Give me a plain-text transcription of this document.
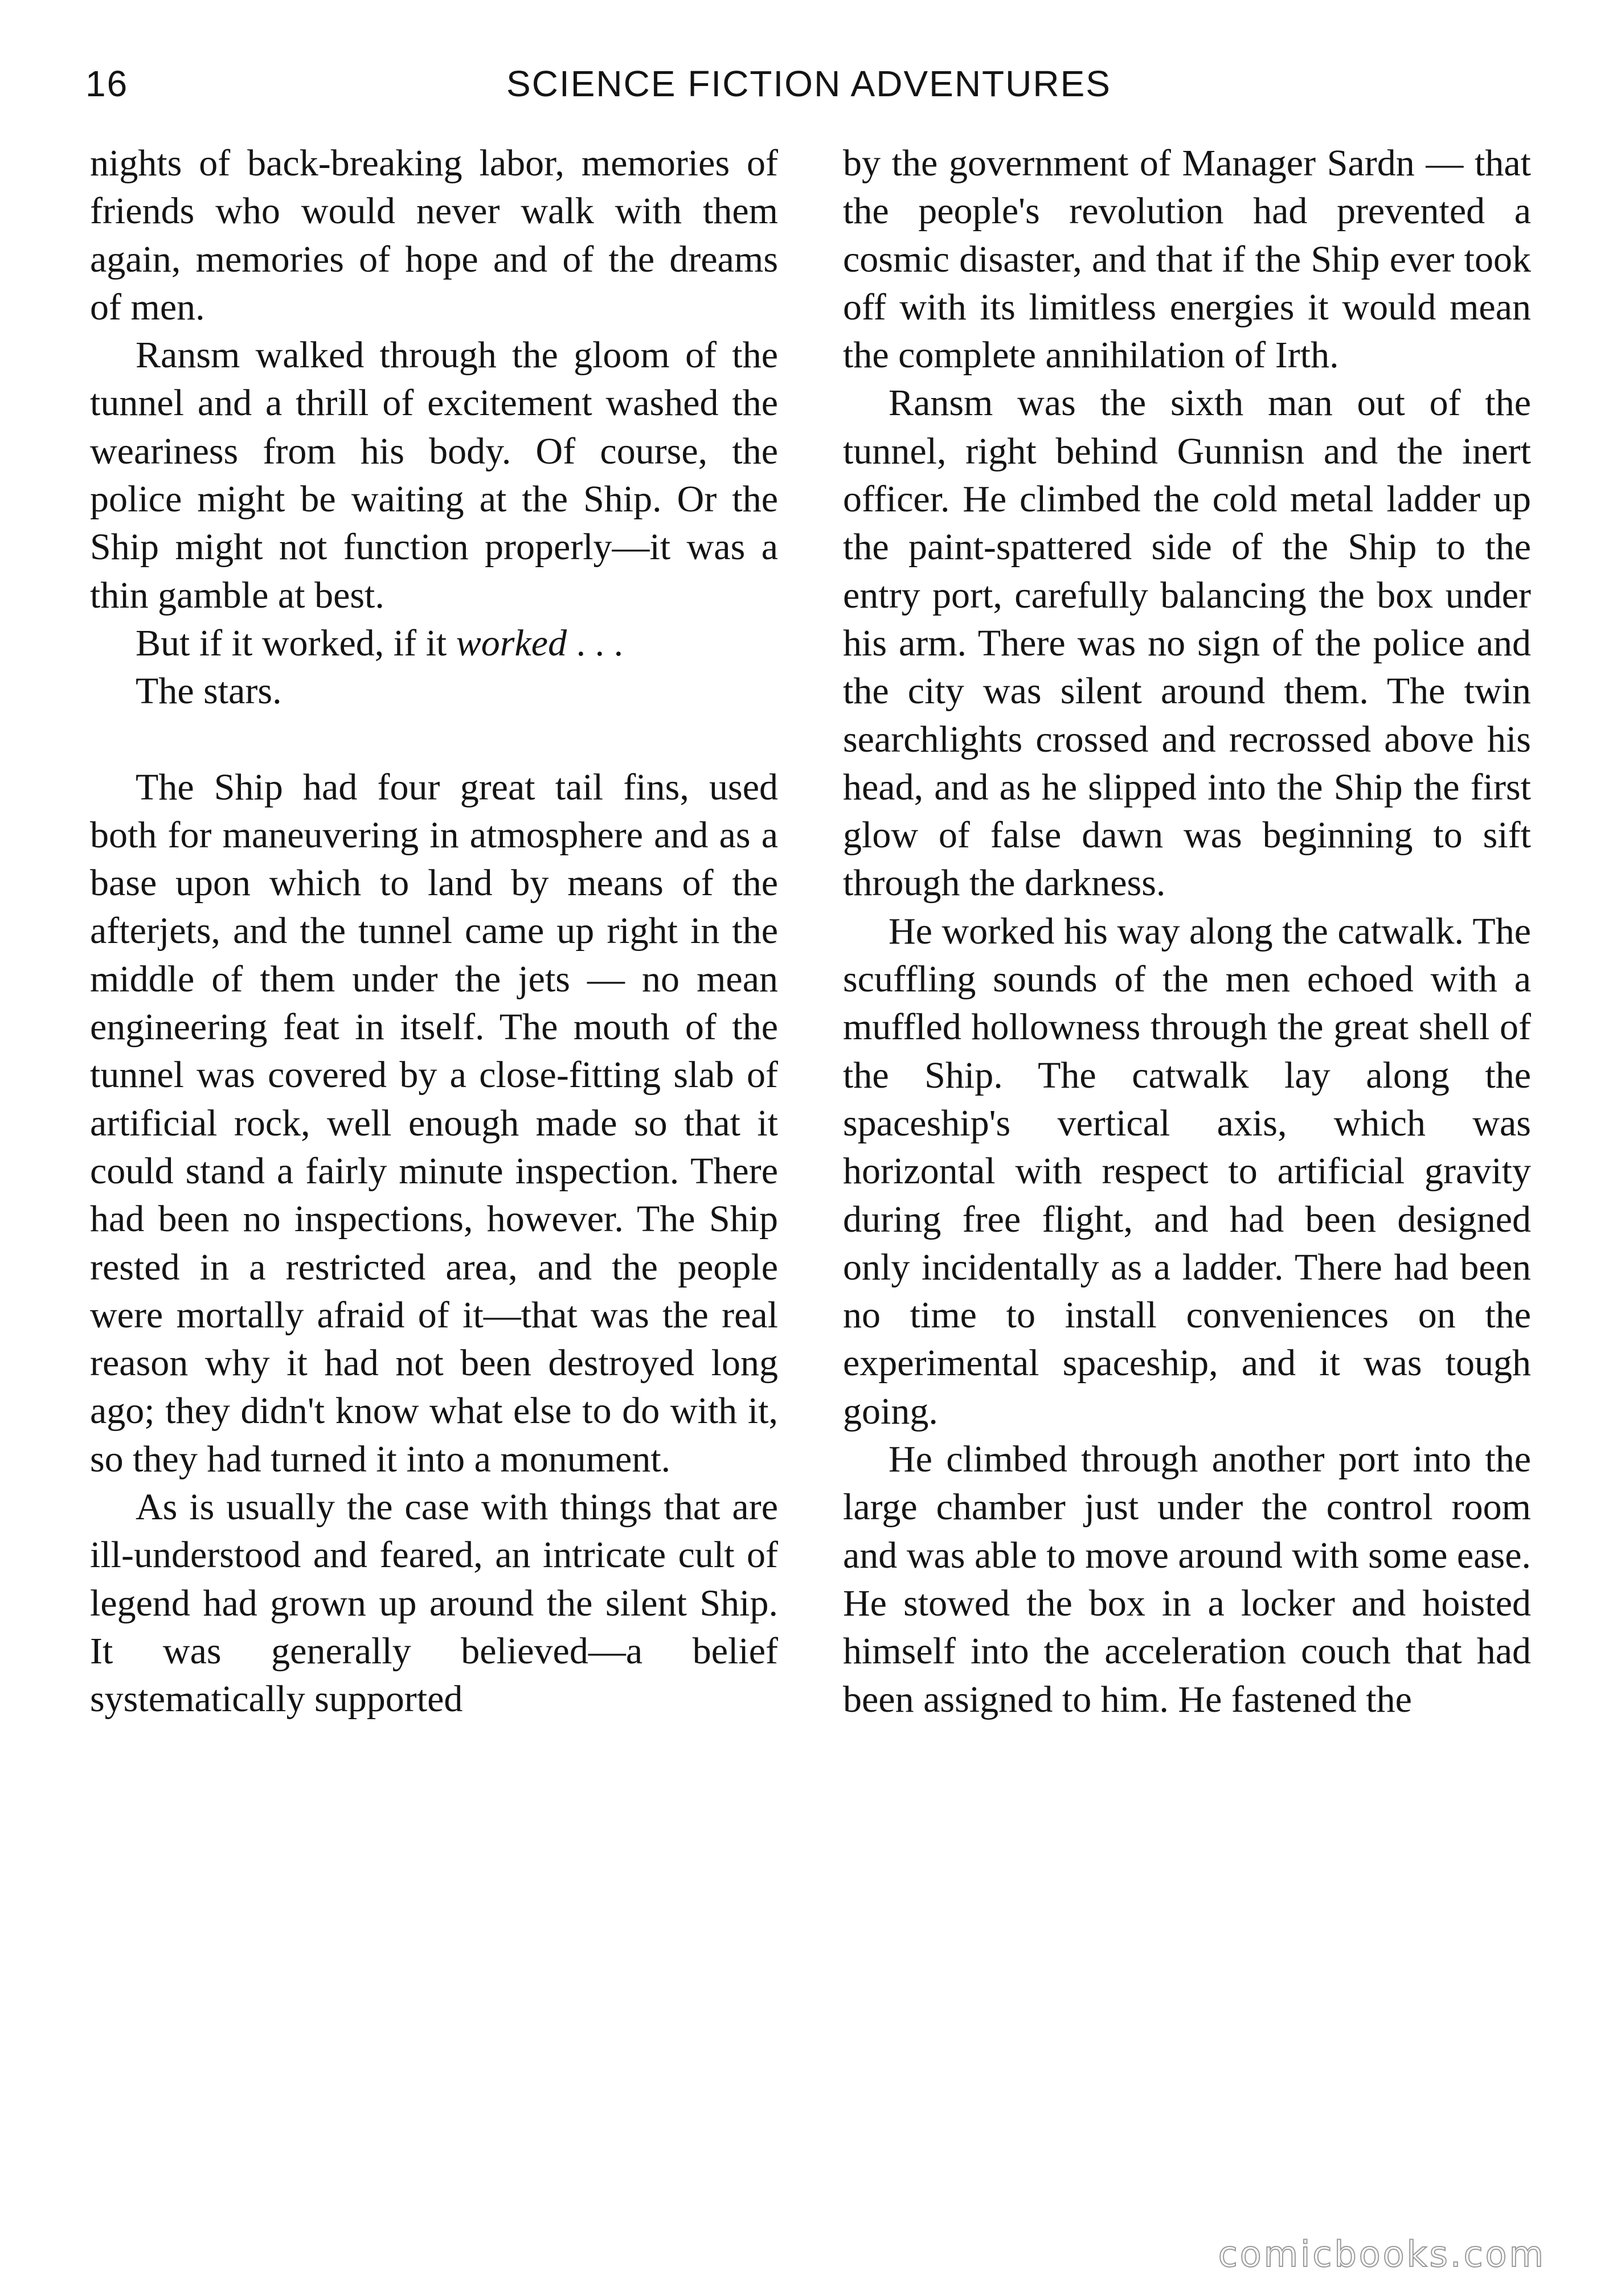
16	SCIENCE FICTION ADVENTURES

nights of back-breaking labor, memories of friends who would never walk with them again, memories of hope and of the dreams of men.

Ransm walked through the gloom of the tunnel and a thrill of excitement washed the weariness from his body. Of course, the police might be waiting at the Ship. Or the Ship might not function properly—it was a thin gamble at best.

But if it worked, if it worked . . .

The stars.

The Ship had four great tail fins, used both for maneuvering in atmosphere and as a base upon which to land by means of the afterjets, and the tunnel came up right in the middle of them under the jets — no mean engineering feat in itself. The mouth of the tunnel was covered by a close-fitting slab of artificial rock, well enough made so that it could stand a fairly minute inspection. There had been no inspections, however. The Ship rested in a restricted area, and the people were mortally afraid of it—that was the real reason why it had not been destroyed long ago; they didn't know what else to do with it, so they had turned it into a monument.

As is usually the case with things that are ill-understood and feared, an intricate cult of legend had grown up around the silent Ship. It was generally believed—a belief systematically supported

by the government of Manager Sardn — that the people's revolution had prevented a cosmic disaster, and that if the Ship ever took off with its limitless energies it would mean the complete annihilation of Irth.

Ransm was the sixth man out of the tunnel, right behind Gunnisn and the inert officer. He climbed the cold metal ladder up the paint-spattered side of the Ship to the entry port, carefully balancing the box under his arm. There was no sign of the police and the city was silent around them. The twin searchlights crossed and recrossed above his head, and as he slipped into the Ship the first glow of false dawn was beginning to sift through the darkness.

He worked his way along the catwalk. The scuffling sounds of the men echoed with a muffled hollowness through the great shell of the Ship. The catwalk lay along the spaceship's vertical axis, which was horizontal with respect to artificial gravity during free flight, and had been designed only incidentally as a ladder. There had been no time to install conveniences on the experimental spaceship, and it was tough going.

He climbed through another port into the large chamber just under the control room and was able to move around with some ease. He stowed the box in a locker and hoisted himself into the acceleration couch that had been assigned to him. He fastened the

comicbooks.com
